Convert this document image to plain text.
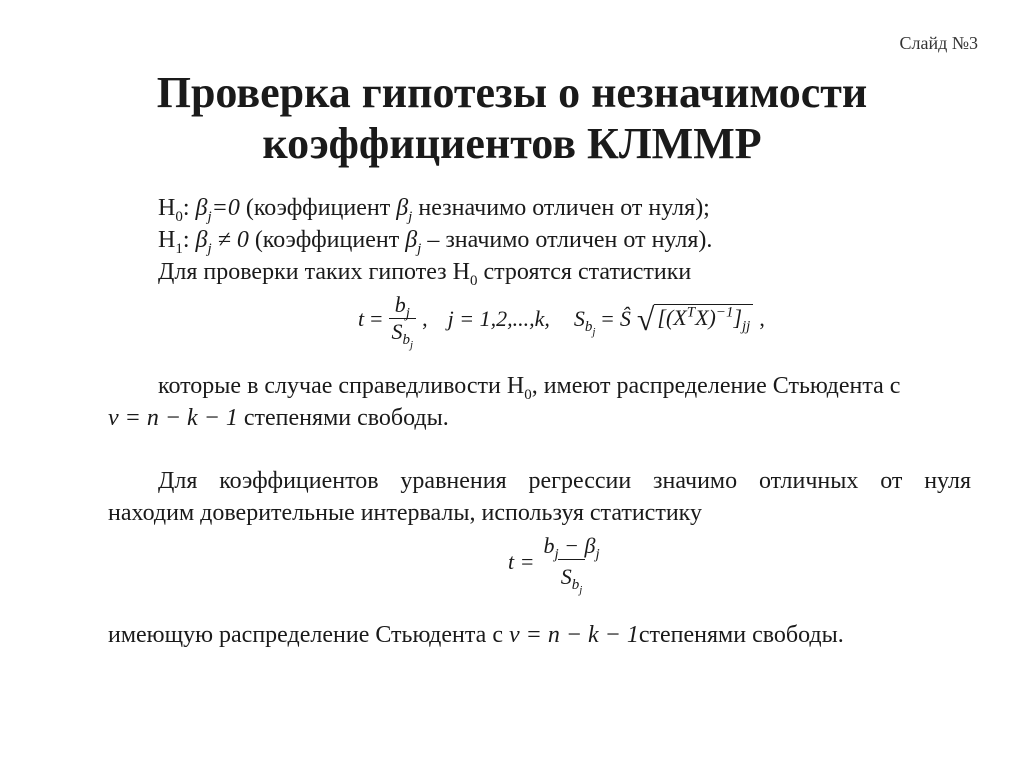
Слайд №3
Проверка гипотезы о незначимости
коэффициентов КЛММР
$H_0$: $\beta_j=0$ (коэффициент $\beta_j$ незначимо отличен от нуля);
$H_1$: $\beta_j \ne 0$ (коэффициент $\beta_j$ – значимо отличен от нуля).
Для проверки таких гипотез $H_0$ строятся статистики
$t = \frac{b_j}{S_{b_j}}$ , j = 1,2,...,k, $S_{b_j}$
= Ŝ √ $[(X^TX)^{-1}]_{jj}$ ,
которые в случае справедливости $H_0$, имеют распределение Стьюдента с
ν = n − k − 1 степенями свободы.
Для коэффициентов уравнения регрессии значимо отличных от нуля
находим доверительные интервалы, используя статистику
$t = \frac{b_j - \beta_j}{S_{b_j}}$
имеющую распределение Стьюдента с ν = n − k − 1степенями свободы.
